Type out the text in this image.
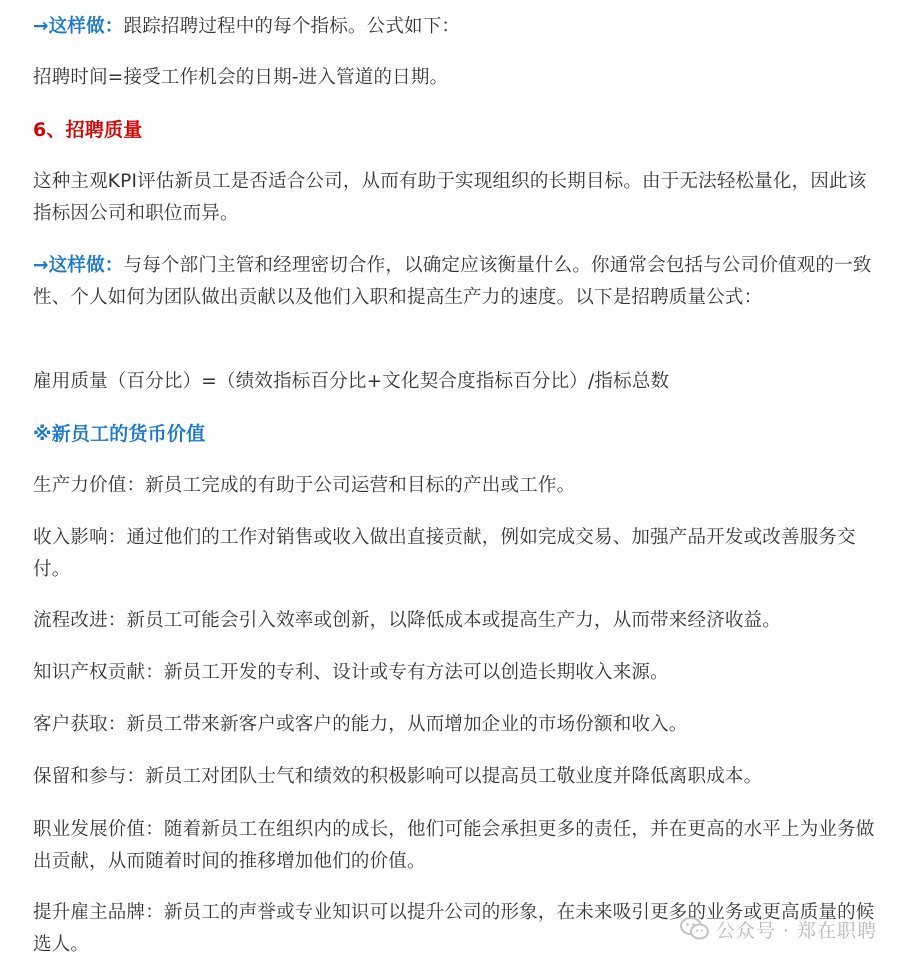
→这样做：跟踪招聘过程中的每个指标。公式如下：

招聘时间=接受工作机会的日期-进入管道的日期。

6、招聘质量

这种主观KPI评估新员工是否适合公司，从而有助于实现组织的长期目标。由于无法轻松量化，因此该指标因公司和职位而异。

→这样做：与每个部门主管和经理密切合作，以确定应该衡量什么。你通常会包括与公司价值观的一致性、个人如何为团队做出贡献以及他们入职和提高生产力的速度。以下是招聘质量公式：

雇用质量（百分比）=（绩效指标百分比+文化契合度指标百分比）/指标总数

※新员工的货币价值

生产力价值：新员工完成的有助于公司运营和目标的产出或工作。

收入影响：通过他们的工作对销售或收入做出直接贡献，例如完成交易、加强产品开发或改善服务交付。

流程改进：新员工可能会引入效率或创新，以降低成本或提高生产力，从而带来经济收益。

知识产权贡献：新员工开发的专利、设计或专有方法可以创造长期收入来源。

客户获取：新员工带来新客户或客户的能力，从而增加企业的市场份额和收入。

保留和参与：新员工对团队士气和绩效的积极影响可以提高员工敬业度并降低离职成本。

职业发展价值：随着新员工在组织内的成长，他们可能会承担更多的责任，并在更高的水平上为业务做出贡献，从而随着时间的推移增加他们的价值。

提升雇主品牌：新员工的声誉或专业知识可以提升公司的形象，在未来吸引更多的业务或更高质量的候选人。

公众号 · 郑在职聘
